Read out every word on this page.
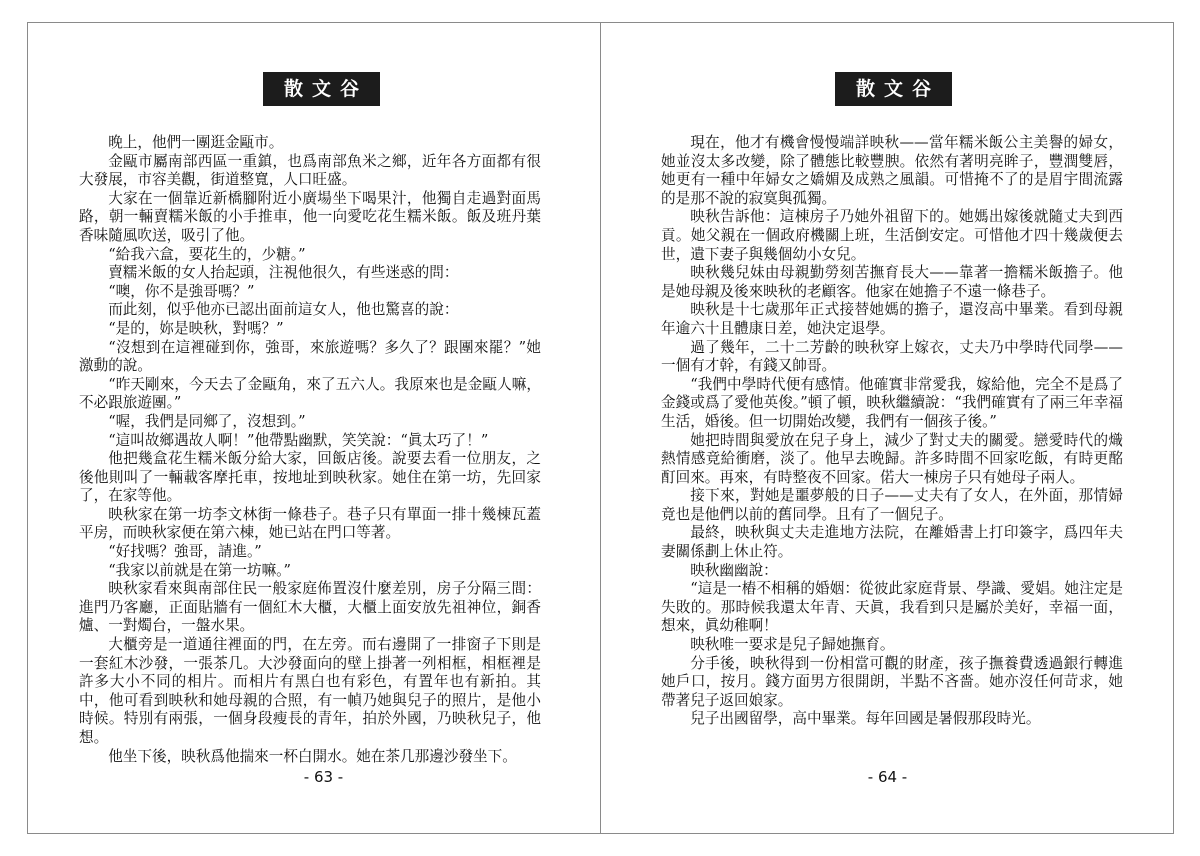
散文谷

晚上，他們一團逛金甌市。

金甌市屬南部西區一重鎮，也爲南部魚米之鄉，近年各方面都有很大發展，市容美觀，街道整寬，人口旺盛。

大家在一個靠近新橋腳附近小廣場坐下喝果汁，他獨自走過對面馬路，朝一輛賣糯米飯的小手推車，他一向愛吃花生糯米飯。飯及班丹葉香味隨風吹送，吸引了他。

“給我六盒，要花生的，少糖。”

賣糯米飯的女人抬起頭，注視他很久，有些迷惑的問：

“噢，你不是強哥嗎？”

而此刻，似乎他亦已認出面前這女人，他也驚喜的說：

“是的，妳是映秋，對嗎？”

“沒想到在這裡碰到你，強哥，來旅遊嗎？多久了？跟團來罷？”她激動的說。

“昨天剛來，今天去了金甌角，來了五六人。我原來也是金甌人嘛，不必跟旅遊團。”

“喔，我們是同鄉了，沒想到。”

“這叫故鄉遇故人啊！”他帶點幽默，笑笑說：“眞太巧了！”

他把幾盒花生糯米飯分給大家，回飯店後。說要去看一位朋友，之後他則叫了一輛載客摩托車，按地址到映秋家。她住在第一坊，先回家了，在家等他。

映秋家在第一坊李文林街一條巷子。巷子只有單面一排十幾棟瓦蓋平房，而映秋家便在第六棟，她已站在門口等著。

“好找嗎？強哥，請進。”

“我家以前就是在第一坊嘛。”

映秋家看來與南部住民一般家庭佈置沒什麼差別，房子分隔三間：進門乃客廳，正面貼牆有一個紅木大櫃，大櫃上面安放先祖神位，銅香爐、一對燭台，一盤水果。

大櫃旁是一道通往裡面的門，在左旁。而右邊開了一排窗子下則是一套紅木沙發，一張茶几。大沙發面向的壁上掛著一列相框，相框裡是許多大小不同的相片。而相片有黑白也有彩色，有置年也有新拍。其中，他可看到映秋和她母親的合照，有一幀乃她與兒子的照片，是他小時候。特別有兩張，一個身段瘦長的青年，拍於外國，乃映秋兒子，他想。

他坐下後，映秋爲他揣來一杯白開水。她在茶几那邊沙發坐下。

- 63 -
散文谷

現在，他才有機會慢慢端詳映秋——當年糯米飯公主美譽的婦女，她並沒太多改變，除了體態比較豐腴。依然有著明亮眸子，豐潤雙唇，她更有一種中年婦女之嬌媚及成熟之風韻。可惜掩不了的是眉宇間流露的是那不說的寂寞與孤獨。

映秋告訴他：這棟房子乃她外祖留下的。她媽出嫁後就隨丈夫到西貢。她父親在一個政府機關上班，生活倒安定。可惜他才四十幾歲便去世，遺下妻子與幾個幼小女兒。

映秋幾兒妹由母親勤勞刻苦撫育長大——靠著一擔糯米飯擔子。他是她母親及後來映秋的老顧客。他家在她擔子不遠一條巷子。

映秋是十七歲那年正式接替她媽的擔子，還沒高中畢業。看到母親年逾六十且體康日差，她決定退學。

過了幾年，二十二芳齡的映秋穿上嫁衣，丈夫乃中學時代同學——一個有才幹，有錢又帥哥。

“我們中學時代便有感情。他確實非常愛我，嫁給他，完全不是爲了金錢或爲了愛他英俊。”頓了頓，映秋繼續說：“我們確實有了兩三年幸福生活，婚後。但一切開始改變，我們有一個孩子後。”

她把時間與愛放在兒子身上，減少了對丈夫的關愛。戀愛時代的熾熱情感竟給衝磨，淡了。他早去晚歸。許多時間不回家吃飯，有時更酩酊回來。再來，有時整夜不回家。偌大一棟房子只有她母子兩人。

接下來，對她是噩夢般的日子——丈夫有了女人，在外面，那情婦竟也是他們以前的舊同學。且有了一個兒子。

最終，映秋與丈夫走進地方法院，在離婚書上打印簽字，爲四年夫妻關係劃上休止符。

映秋幽幽說：

“這是一樁不相稱的婚姻：從彼此家庭背景、學識、愛娼。她注定是失敗的。那時候我還太年青、天眞，我看到只是屬於美好，幸福一面，想來，眞幼稚啊！

映秋唯一要求是兒子歸她撫育。

分手後，映秋得到一份相當可觀的財產，孩子撫養費透過銀行轉進她戶口，按月。錢方面男方很開朗，半點不吝嗇。她亦沒任何苛求，她帶著兒子返回娘家。

兒子出國留學，高中畢業。每年回國是暑假那段時光。

- 64 -
